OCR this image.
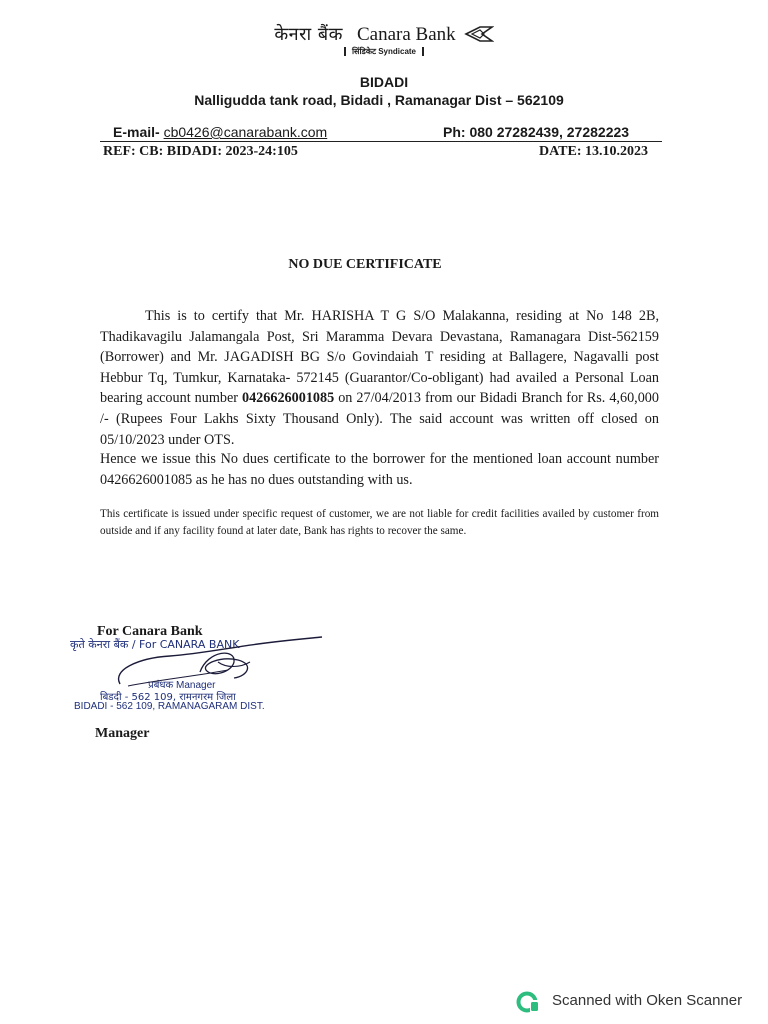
केनरा बैंक Canara Bank
सिंडिकेट Syndicate
BIDADI
Nalligudda tank road, Bidadi , Ramanagar Dist – 562109
E-mail- cb0426@canarabank.com	Ph: 080 27282439, 27282223
REF: CB: BIDADI: 2023-24:105	DATE: 13.10.2023
NO DUE CERTIFICATE
This is to certify that Mr. HARISHA T G S/O Malakanna, residing at No 148 2B, Thadikavagilu Jalamangala Post, Sri Maramma Devara Devastana, Ramanagara Dist-562159 (Borrower) and Mr. JAGADISH BG S/o Govindaiah T residing at Ballagere, Nagavalli post Hebbur Tq, Tumkur, Karnataka- 572145 (Guarantor/Co-obligant) had availed a Personal Loan bearing account number 0426626001085 on 27/04/2013 from our Bidadi Branch for Rs. 4,60,000 /- (Rupees Four Lakhs Sixty Thousand Only). The said account was written off closed on 05/10/2023 under OTS.
Hence we issue this No dues certificate to the borrower for the mentioned loan account number 0426626001085 as he has no dues outstanding with us.
This certificate is issued under specific request of customer, we are not liable for credit facilities availed by customer from outside and if any facility found at later date, Bank has rights to recover the same.
For Canara Bank
कृते केनरा बैंक / For CANARA BANK
प्रबंधक Manager
बिडदी - 562 109, रामनगरम जिला
BIDADI - 562 109, RAMANAGARAM DIST.
Manager
Scanned with Oken Scanner
